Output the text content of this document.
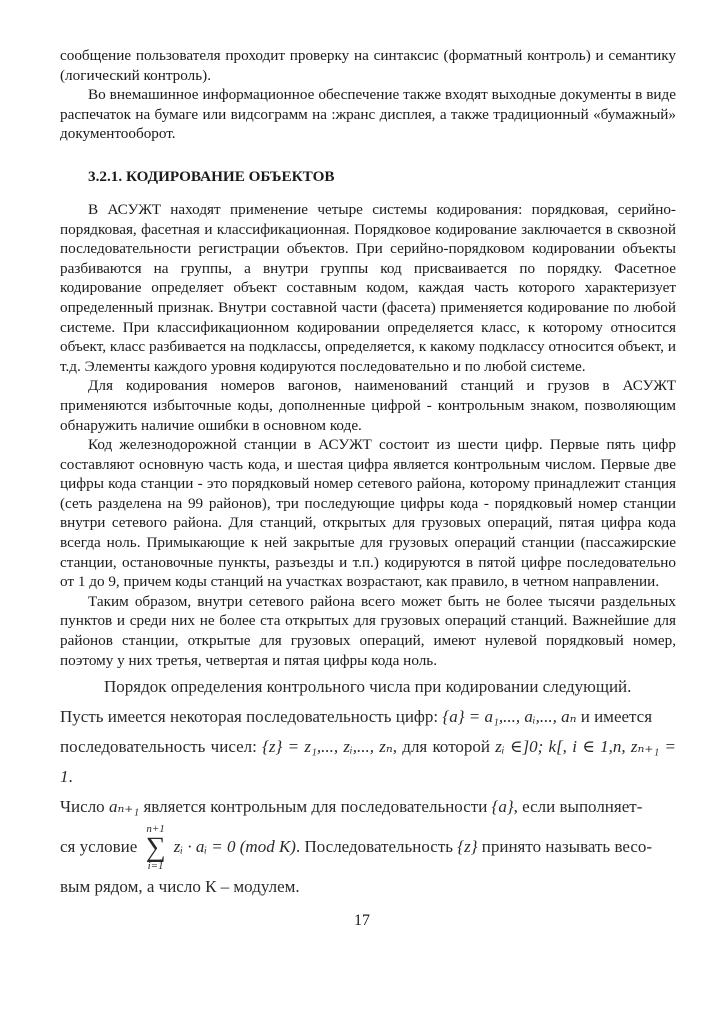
сообщение пользователя проходит проверку на синтаксис (форматный контроль) и семантику (логический контроль).

Во внемашинное информационное обеспечение также входят выходные документы в виде распечаток на бумаге или видсограмм на :жранс дисплея, а также традиционный «бумажный» документооборот.

3.2.1. КОДИРОВАНИЕ ОБЪЕКТОВ

В АСУЖТ находят применение четыре системы кодирования: порядковая, серийно-порядковая, фасетная и классификационная. Порядковое кодирование заключается в сквозной последовательности регистрации объектов. При серийно-порядковом кодировании объекты разбиваются на группы, а внутри группы код присваивается по порядку. Фасетное кодирование определяет объект составным кодом, каждая часть которого характеризует определенный признак. Внутри составной части (фасета) применяется кодирование по любой системе. При классификационном кодировании определяется класс, к которому относится объект, класс разбивается на подклассы, определяется, к какому подклассу относится объект, и т.д. Элементы каждого уровня кодируются последовательно и по любой системе.

Для кодирования номеров вагонов, наименований станций и грузов в АСУЖТ применяются избыточные коды, дополненные цифрой - контрольным знаком, позволяющим обнаружить наличие ошибки в основном коде.

Код железнодорожной станции в АСУЖТ состоит из шести цифр. Первые пять цифр составляют основную часть кода, и шестая цифра является контрольным числом. Первые две цифры кода станции - это порядковый номер сетевого района, которому принадлежит станция (сеть разделена на 99 районов), три последующие цифры кода - порядковый номер станции внутри сетевого района. Для станций, открытых для грузовых операций, пятая цифра кода всегда ноль. Примыкающие к ней закрытые для грузовых операций станции (пассажирские станции, остановочные пункты, разъезды и т.п.) кодируются в пятой цифре последовательно от 1 до 9, причем коды станций на участках возрастают, как правило, в четном направлении.

Таким образом, внутри сетевого района всего может быть не более тысячи раздельных пунктов и среди них не более ста открытых для грузовых операций станций. Важнейшие для районов станции, открытые для грузовых операций, имеют нулевой порядковый номер, поэтому у них третья, четвертая и пятая цифры кода ноль.

Порядок определения контрольного числа при кодировании следующий.
Пусть имеется некоторая последовательность цифр: {a} = a₁,..., aᵢ,..., aₙ и имеется
последовательность чисел: {z} = z₁,..., zᵢ,..., zₙ, для которой zᵢ ∈]0; k[, i ∈ 1,n, zₙ₊₁ = 1.
Число aₙ₊₁ является контрольным для последовательности {a}, если выполняет-
ся условие
n+1
∑
i=1
zᵢ · aᵢ = 0 (mod K). Последовательность {z} принято называть весо-
вым рядом, а число К – модулем.
17
